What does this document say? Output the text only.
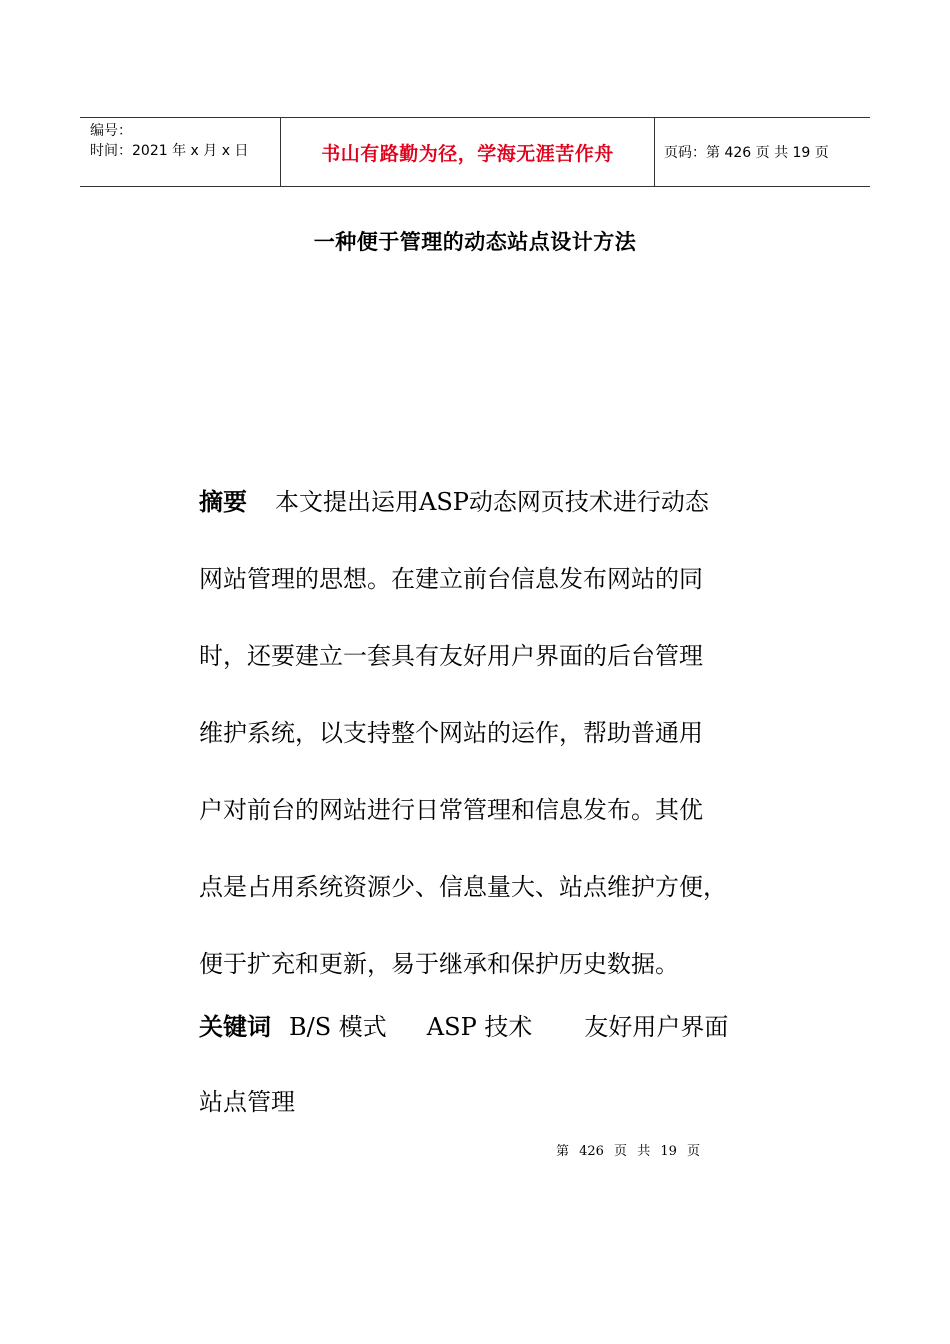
编号：
时间：2021 年 x 月 x 日	书山有路勤为径，学海无涯苦作舟	页码：第 426 页 共 19 页
一种便于管理的动态站点设计方法
摘要 本文提出运用ASP动态网页技术进行动态
网站管理的思想。在建立前台信息发布网站的同
时，还要建立一套具有友好用户界面的后台管理
维护系统，以支持整个网站的运作，帮助普通用
户对前台的网站进行日常管理和信息发布。其优
点是占用系统资源少、信息量大、站点维护方便，
便于扩充和更新，易于继承和保护历史数据。
关键词 B/S 模式 ASP 技术 友好用户界面
站点管理
第 426 页 共 19 页
